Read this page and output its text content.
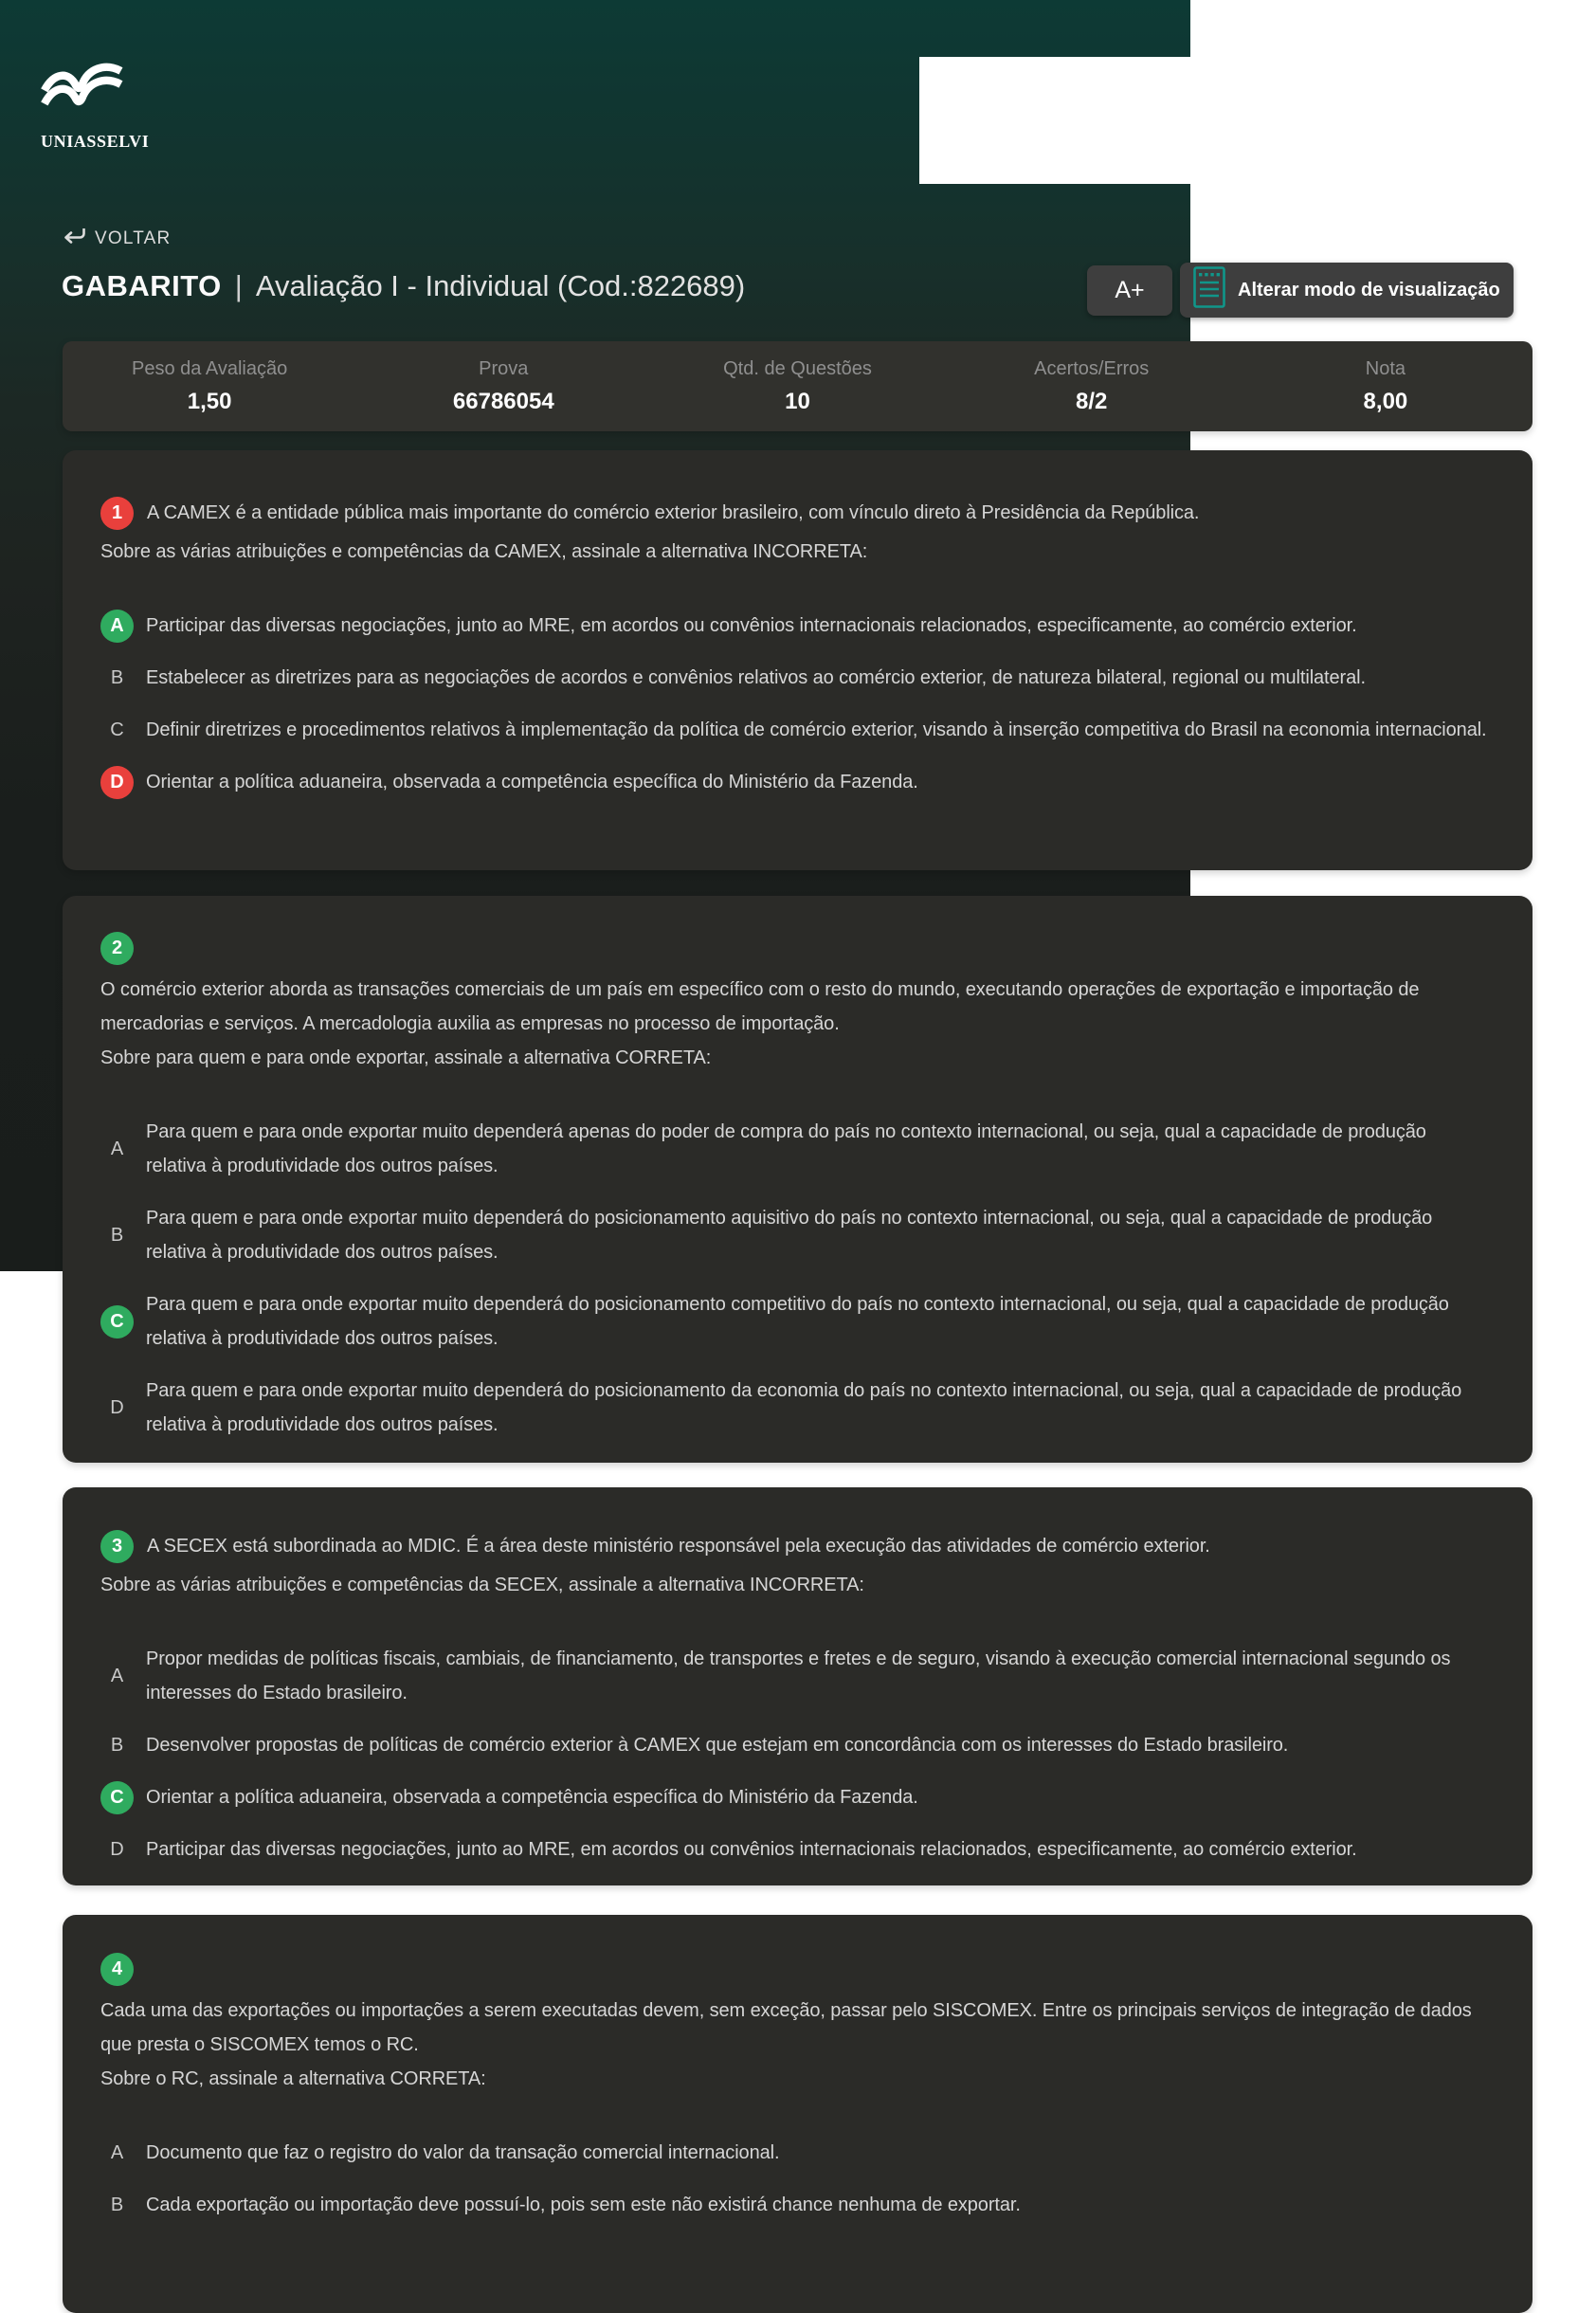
UNIASSELVI
VOLTAR
GABARITO | Avaliação I - Individual (Cod.:822689)	A+	Alterar modo de visualização
Peso da Avaliação
1,50
Prova
66786054
Qtd. de Questões
10
Acertos/Erros
8/2
Nota
8,00
1	A CAMEX é a entidade pública mais importante do comércio exterior brasileiro, com vínculo direto à Presidência da República.

Sobre as várias atribuições e competências da CAMEX, assinale a alternativa INCORRETA:

A	Participar das diversas negociações, junto ao MRE, em acordos ou convênios internacionais relacionados, especificamente, ao comércio exterior.

B	Estabelecer as diretrizes para as negociações de acordos e convênios relativos ao comércio exterior, de natureza bilateral, regional ou multilateral.

C	Definir diretrizes e procedimentos relativos à implementação da política de comércio exterior, visando à inserção competitiva do Brasil na economia internacional.

D	Orientar a política aduaneira, observada a competência específica do Ministério da Fazenda.

2

O comércio exterior aborda as transações comerciais de um país em específico com o resto do mundo, executando operações de exportação e importação de mercadorias e serviços. A mercadologia auxilia as empresas no processo de importação.

Sobre para quem e para onde exportar, assinale a alternativa CORRETA:

A

Para quem e para onde exportar muito dependerá apenas do poder de compra do país no contexto internacional, ou seja, qual a capacidade de produção relativa à produtividade dos outros países.

B

Para quem e para onde exportar muito dependerá do posicionamento aquisitivo do país no contexto internacional, ou seja, qual a capacidade de produção relativa à produtividade dos outros países.

C

Para quem e para onde exportar muito dependerá do posicionamento competitivo do país no contexto internacional, ou seja, qual a capacidade de produção relativa à produtividade dos outros países.

D

Para quem e para onde exportar muito dependerá do posicionamento da economia do país no contexto internacional, ou seja, qual a capacidade de produção relativa à produtividade dos outros países.

3	A SECEX está subordinada ao MDIC. É a área deste ministério responsável pela execução das atividades de comércio exterior.

Sobre as várias atribuições e competências da SECEX, assinale a alternativa INCORRETA:

A

Propor medidas de políticas fiscais, cambiais, de financiamento, de transportes e fretes e de seguro, visando à execução comercial internacional segundo os interesses do Estado brasileiro.

B	Desenvolver propostas de políticas de comércio exterior à CAMEX que estejam em concordância com os interesses do Estado brasileiro.

C	Orientar a política aduaneira, observada a competência específica do Ministério da Fazenda.

D	Participar das diversas negociações, junto ao MRE, em acordos ou convênios internacionais relacionados, especificamente, ao comércio exterior.

4

Cada uma das exportações ou importações a serem executadas devem, sem exceção, passar pelo SISCOMEX. Entre os principais serviços de integração de dados que presta o SISCOMEX temos o RC.

Sobre o RC, assinale a alternativa CORRETA:

A	Documento que faz o registro do valor da transação comercial internacional.

B	Cada exportação ou importação deve possuí-lo, pois sem este não existirá chance nenhuma de exportar.
